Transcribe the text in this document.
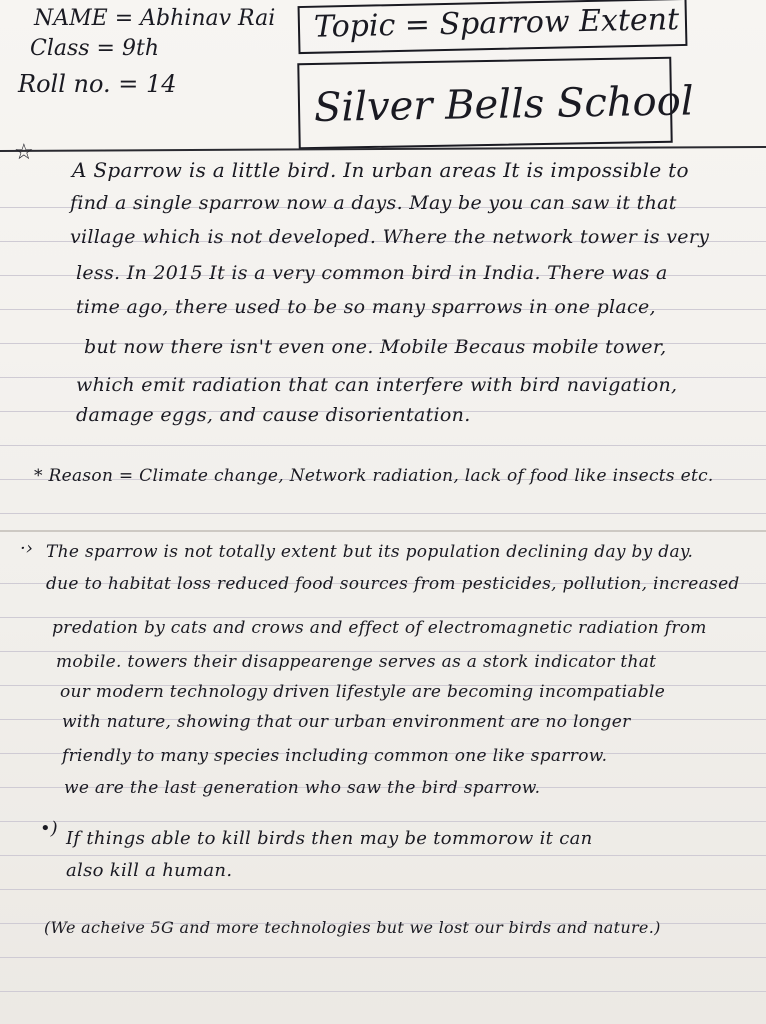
NAME = Abhinav Rai
Class = 9th
Roll no. = 14
Topic = Sparrow Extent
Silver Bells School
☆
A Sparrow is a little bird. In urban areas It is impossible to
find a single sparrow now a days. May be you can saw it that
village which is not developed. Where the network tower is very
less. In 2015 It is a very common bird in India. There was a
time ago, there used to be so many sparrows in one place,
but now there isn't even one. Mobile Becaus mobile tower,
which emit radiation that can interfere with bird navigation,
damage eggs, and cause disorientation.
* Reason = Climate change, Network radiation, lack of food like insects etc.
·› The sparrow is not totally extent but its population declining day by day.
due to habitat loss reduced food sources from pesticides, pollution, increased
predation by cats and crows and effect of electromagnetic radiation from
mobile. towers their disappearenge serves as a stork indicator that
our modern technology driven lifestyle are becoming incompatiable
with nature, showing that our urban environment are no longer
friendly to many species including common one like sparrow.
we are the last generation who saw the bird sparrow.
•) If things able to kill birds then may be tommorow it can
also kill a human.
(We acheive 5G and more technologies but we lost our birds and nature.)
